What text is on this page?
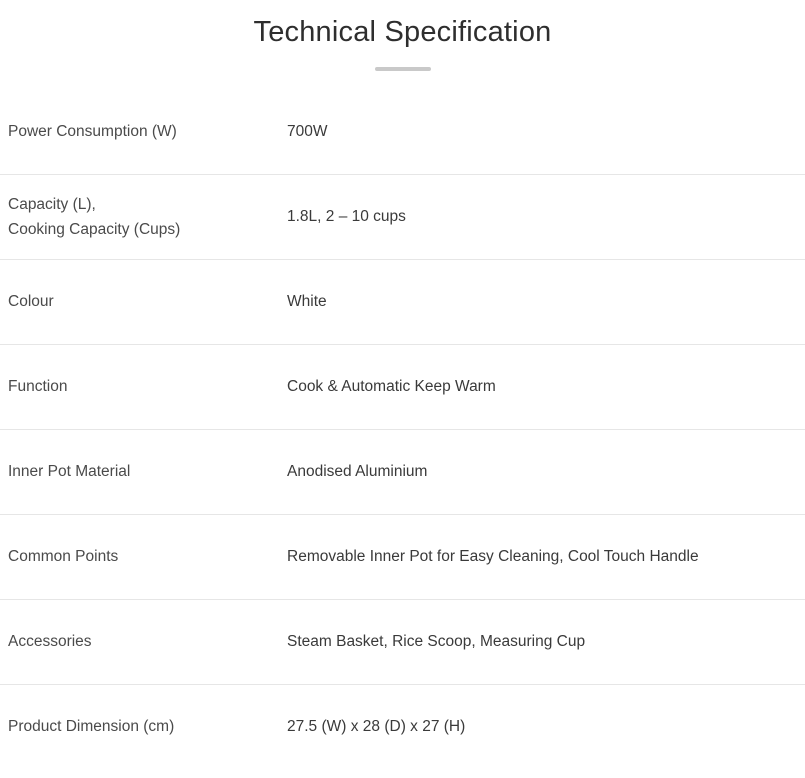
Technical Specification
Power Consumption (W)	700W

Capacity (L),
Cooking Capacity (Cups)	1.8L, 2 – 10 cups

Colour	White

Function	Cook & Automatic Keep Warm

Inner Pot Material	Anodised Aluminium

Common Points	Removable Inner Pot for Easy Cleaning, Cool Touch Handle

Accessories	Steam Basket, Rice Scoop, Measuring Cup

Product Dimension (cm)	27.5 (W) x 28 (D) x 27 (H)
